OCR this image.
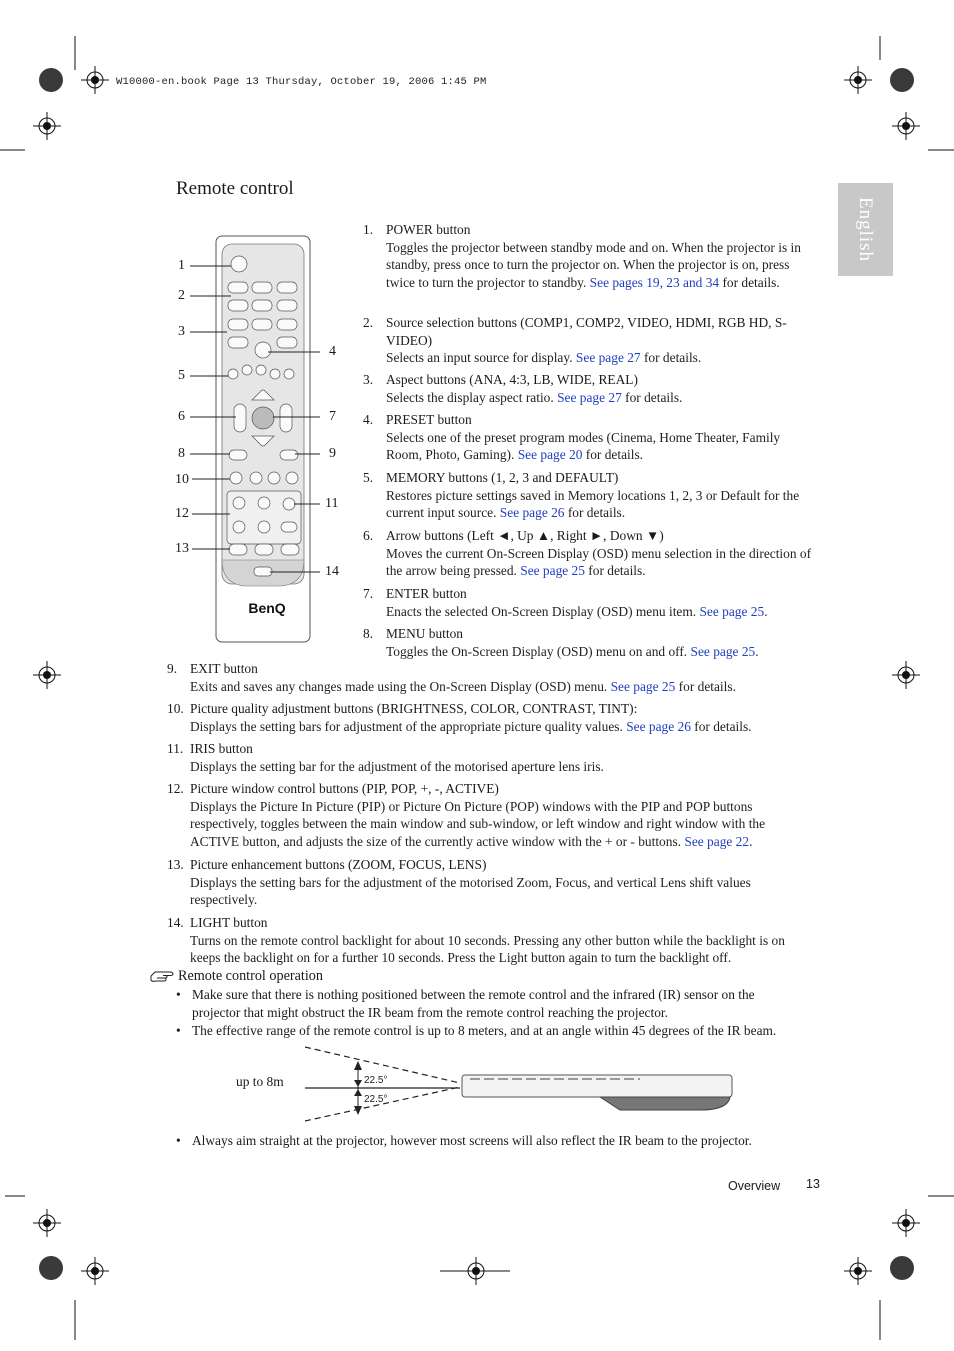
W10000-en.book Page 13 Thursday, October 19, 2006 1:45 PM
Remote control
English
BenQ
1
2
3
4
5
6	7
8	9
10
11
12
13
14
1. POWER button
Toggles the projector between standby mode and on. When the projector is in standby, press once to turn the projector on. When the projector is on, press twice to turn the projector to standby. See pages 19, 23 and 34 for details.
2. Source selection buttons (COMP1, COMP2, VIDEO, HDMI, RGB HD, S-VIDEO)
Selects an input source for display. See page 27 for details.
3. Aspect buttons (ANA, 4:3, LB, WIDE, REAL)
Selects the display aspect ratio. See page 27 for details.
4. PRESET button
Selects one of the preset program modes (Cinema, Home Theater, Family Room, Photo, Gaming). See page 20 for details.
5. MEMORY buttons (1, 2, 3 and DEFAULT)
Restores picture settings saved in Memory locations 1, 2, 3 or Default for the current input source. See page 26 for details.
6. Arrow buttons (Left ◄, Up ▲, Right ►, Down ▼)
Moves the current On-Screen Display (OSD) menu selection in the direction of the arrow being pressed. See page 25 for details.
7. ENTER button
Enacts the selected On-Screen Display (OSD) menu item. See page 25.
8. MENU button
Toggles the On-Screen Display (OSD) menu on and off. See page 25.
9. EXIT button
Exits and saves any changes made using the On-Screen Display (OSD) menu. See page 25 for details.
10. Picture quality adjustment buttons (BRIGHTNESS, COLOR, CONTRAST, TINT):
Displays the setting bars for adjustment of the appropriate picture quality values. See page 26 for details.
11. IRIS button
Displays the setting bar for the adjustment of the motorised aperture lens iris.
12. Picture window control buttons (PIP, POP, +, -, ACTIVE)
Displays the Picture In Picture (PIP) or Picture On Picture (POP) windows with the PIP and POP buttons respectively, toggles between the main window and sub-window, or left window and right window with the ACTIVE button, and adjusts the size of the currently active window with the + or - buttons. See page 22.
13. Picture enhancement buttons (ZOOM, FOCUS, LENS)
Displays the setting bars for the adjustment of the motorised Zoom, Focus, and vertical Lens shift values respectively.
14. LIGHT button
Turns on the remote control backlight for about 10 seconds. Pressing any other button while the backlight is on keeps the backlight on for a further 10 seconds. Press the Light button again to turn the backlight off.
Remote control operation
• Make sure that there is nothing positioned between the remote control and the infrared (IR) sensor on the projector that might obstruct the IR beam from the remote control reaching the projector.
• The effective range of the remote control is up to 8 meters, and at an angle within 45 degrees of the IR beam.
22.5°
22.5°
up to 8m
• Always aim straight at the projector, however most screens will also reflect the IR beam to the projector.
Overview 13
